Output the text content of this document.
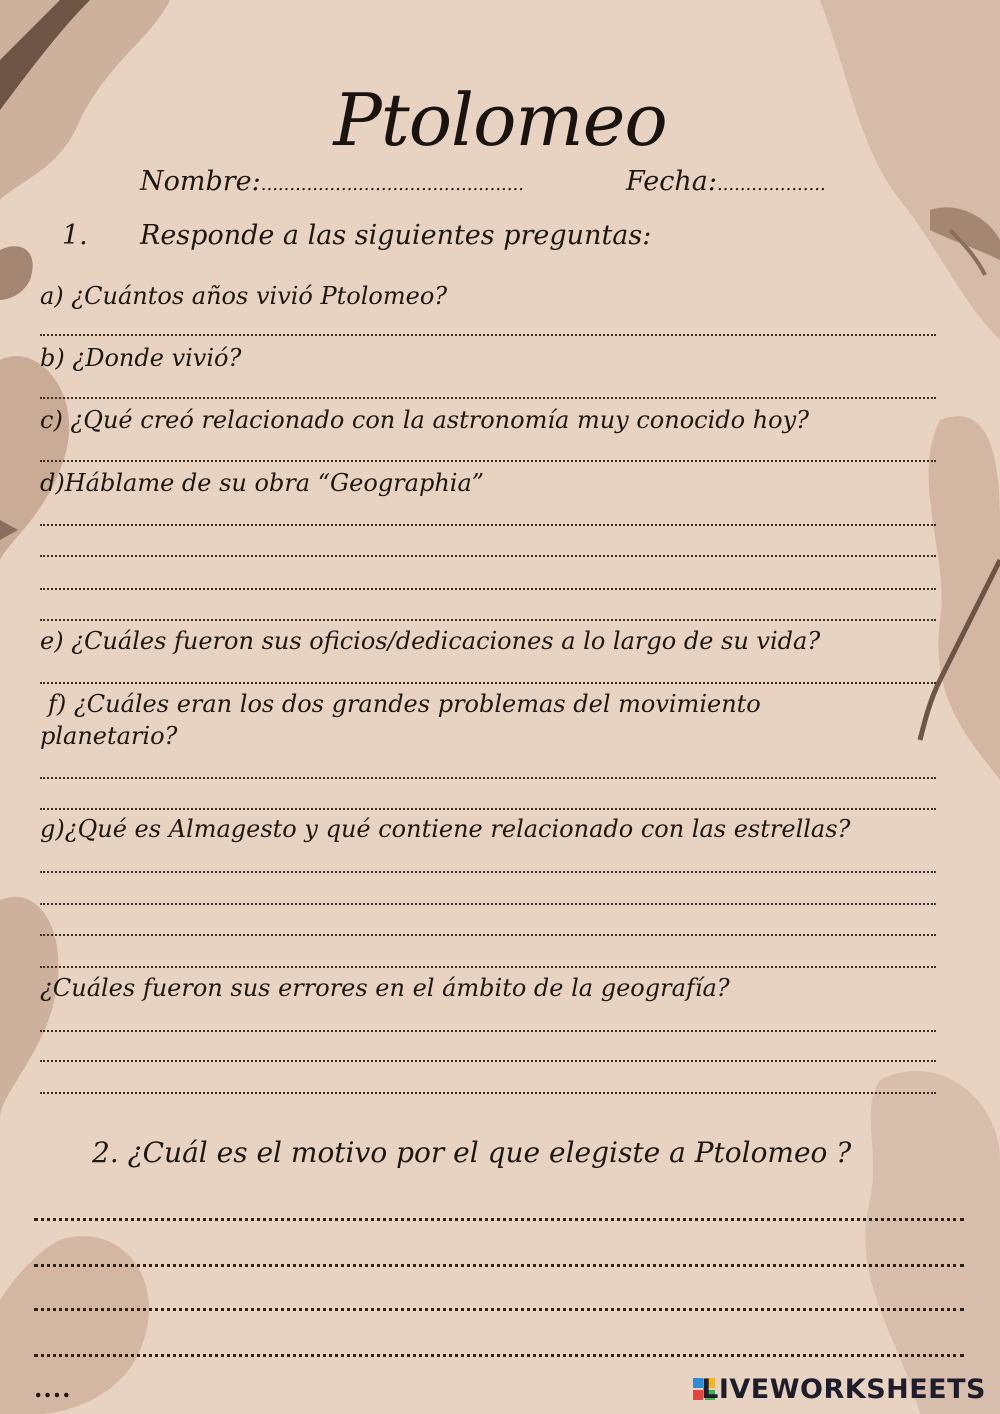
Ptolomeo
Nombre:..............................................	Fecha:...................
1. Responde a las siguientes preguntas:
a) ¿Cuántos años vivió Ptolomeo?
b) ¿Donde vivió?
c) ¿Qué creó relacionado con la astronomía muy conocido hoy?
d)Háblame de su obra “Geographia”
e) ¿Cuáles fueron sus oficios/dedicaciones a lo largo de su vida?
f) ¿Cuáles eran los dos grandes problemas del movimiento
planetario?
g)¿Qué es Almagesto y qué contiene relacionado con las estrellas?
¿Cuáles fueron sus errores en el ámbito de la geografía?
2. ¿Cuál es el motivo por el que elegiste a Ptolomeo ?
....	LIVEWORKSHEETS
